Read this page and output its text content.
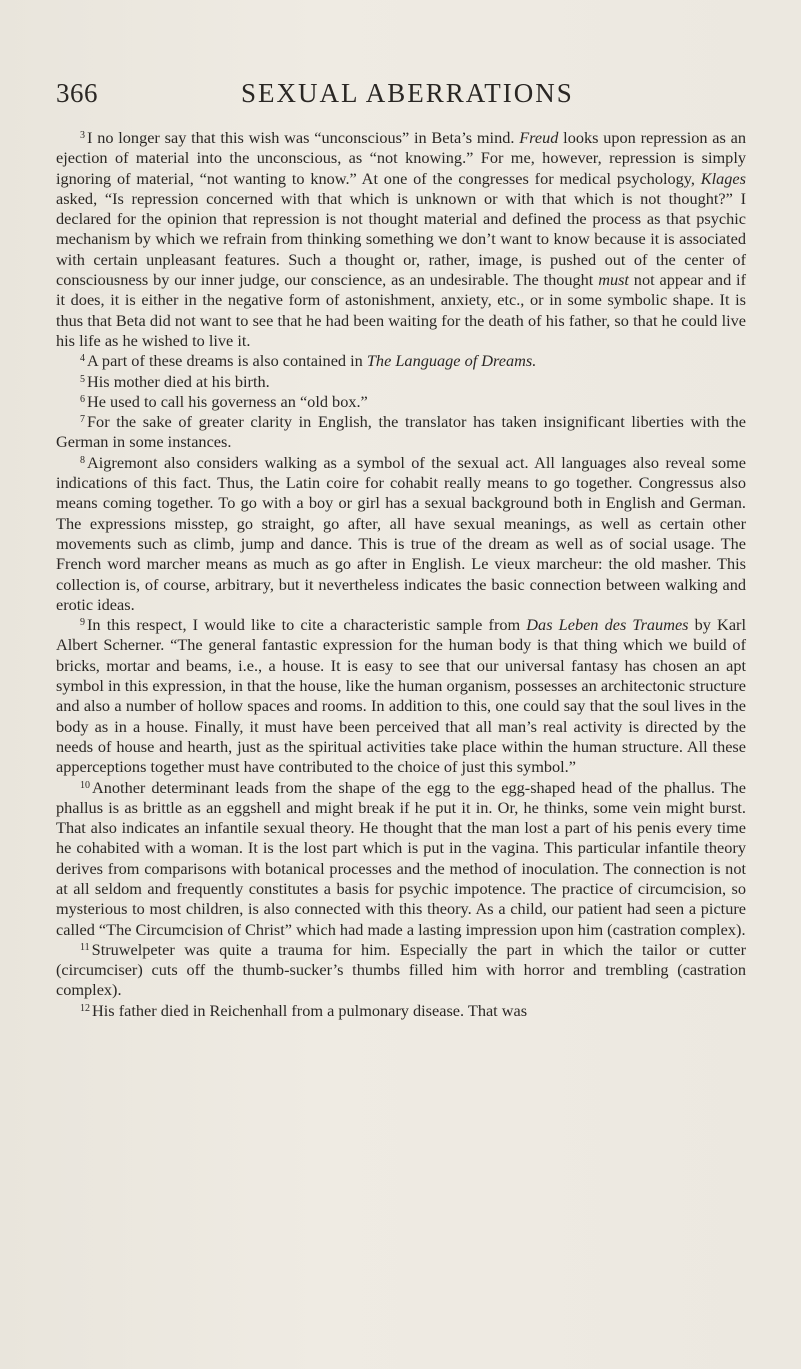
366	SEXUAL ABERRATIONS

$^3$ I no longer say that this wish was “unconscious” in Beta’s mind. Freud looks upon repression as an ejection of material into the unconscious, as “not knowing.” For me, however, repression is simply ignoring of material, “not wanting to know.” At one of the congresses for medical psychology, Klages asked, “Is repression concerned with that which is unknown or with that which is not thought?” I declared for the opinion that repression is not thought material and defined the process as that psychic mechanism by which we refrain from thinking something we don’t want to know because it is associated with certain unpleasant features. Such a thought or, rather, image, is pushed out of the center of consciousness by our inner judge, our conscience, as an undesirable. The thought must not appear and if it does, it is either in the negative form of astonishment, anxiety, etc., or in some symbolic shape. It is thus that Beta did not want to see that he had been waiting for the death of his father, so that he could live his life as he wished to live it.

$^4$ A part of these dreams is also contained in The Language of Dreams.

$^5$ His mother died at his birth.

$^6$ He used to call his governess an “old box.”

$^7$ For the sake of greater clarity in English, the translator has taken insignificant liberties with the German in some instances.

$^8$ Aigremont also considers walking as a symbol of the sexual act. All languages also reveal some indications of this fact. Thus, the Latin coire for cohabit really means to go together. Congressus also means coming together. To go with a boy or girl has a sexual background both in English and German. The expressions misstep, go straight, go after, all have sexual meanings, as well as certain other movements such as climb, jump and dance. This is true of the dream as well as of social usage. The French word marcher means as much as go after in English. Le vieux marcheur: the old masher. This collection is, of course, arbitrary, but it nevertheless indicates the basic connection between walking and erotic ideas.

$^9$ In this respect, I would like to cite a characteristic sample from Das Leben des Traumes by Karl Albert Scherner. “The general fantastic expression for the human body is that thing which we build of bricks, mortar and beams, i.e., a house. It is easy to see that our universal fantasy has chosen an apt symbol in this expression, in that the house, like the human organism, possesses an architectonic structure and also a number of hollow spaces and rooms. In addition to this, one could say that the soul lives in the body as in a house. Finally, it must have been perceived that all man’s real activity is directed by the needs of house and hearth, just as the spiritual activities take place within the human structure. All these apperceptions together must have contributed to the choice of just this symbol.”

$^{10}$ Another determinant leads from the shape of the egg to the egg-shaped head of the phallus. The phallus is as brittle as an eggshell and might break if he put it in. Or, he thinks, some vein might burst. That also indicates an infantile sexual theory. He thought that the man lost a part of his penis every time he cohabited with a woman. It is the lost part which is put in the vagina. This particular infantile theory derives from comparisons with botanical processes and the method of inoculation. The connection is not at all seldom and frequently constitutes a basis for psychic impotence. The practice of circumcision, so mysterious to most children, is also connected with this theory. As a child, our patient had seen a picture called “The Circumcision of Christ” which had made a lasting impression upon him (castration complex).

$^{11}$ Struwelpeter was quite a trauma for him. Especially the part in which the tailor or cutter (circumciser) cuts off the thumb-sucker’s thumbs filled him with horror and trembling (castration complex).

$^{12}$ His father died in Reichenhall from a pulmonary disease. That was
